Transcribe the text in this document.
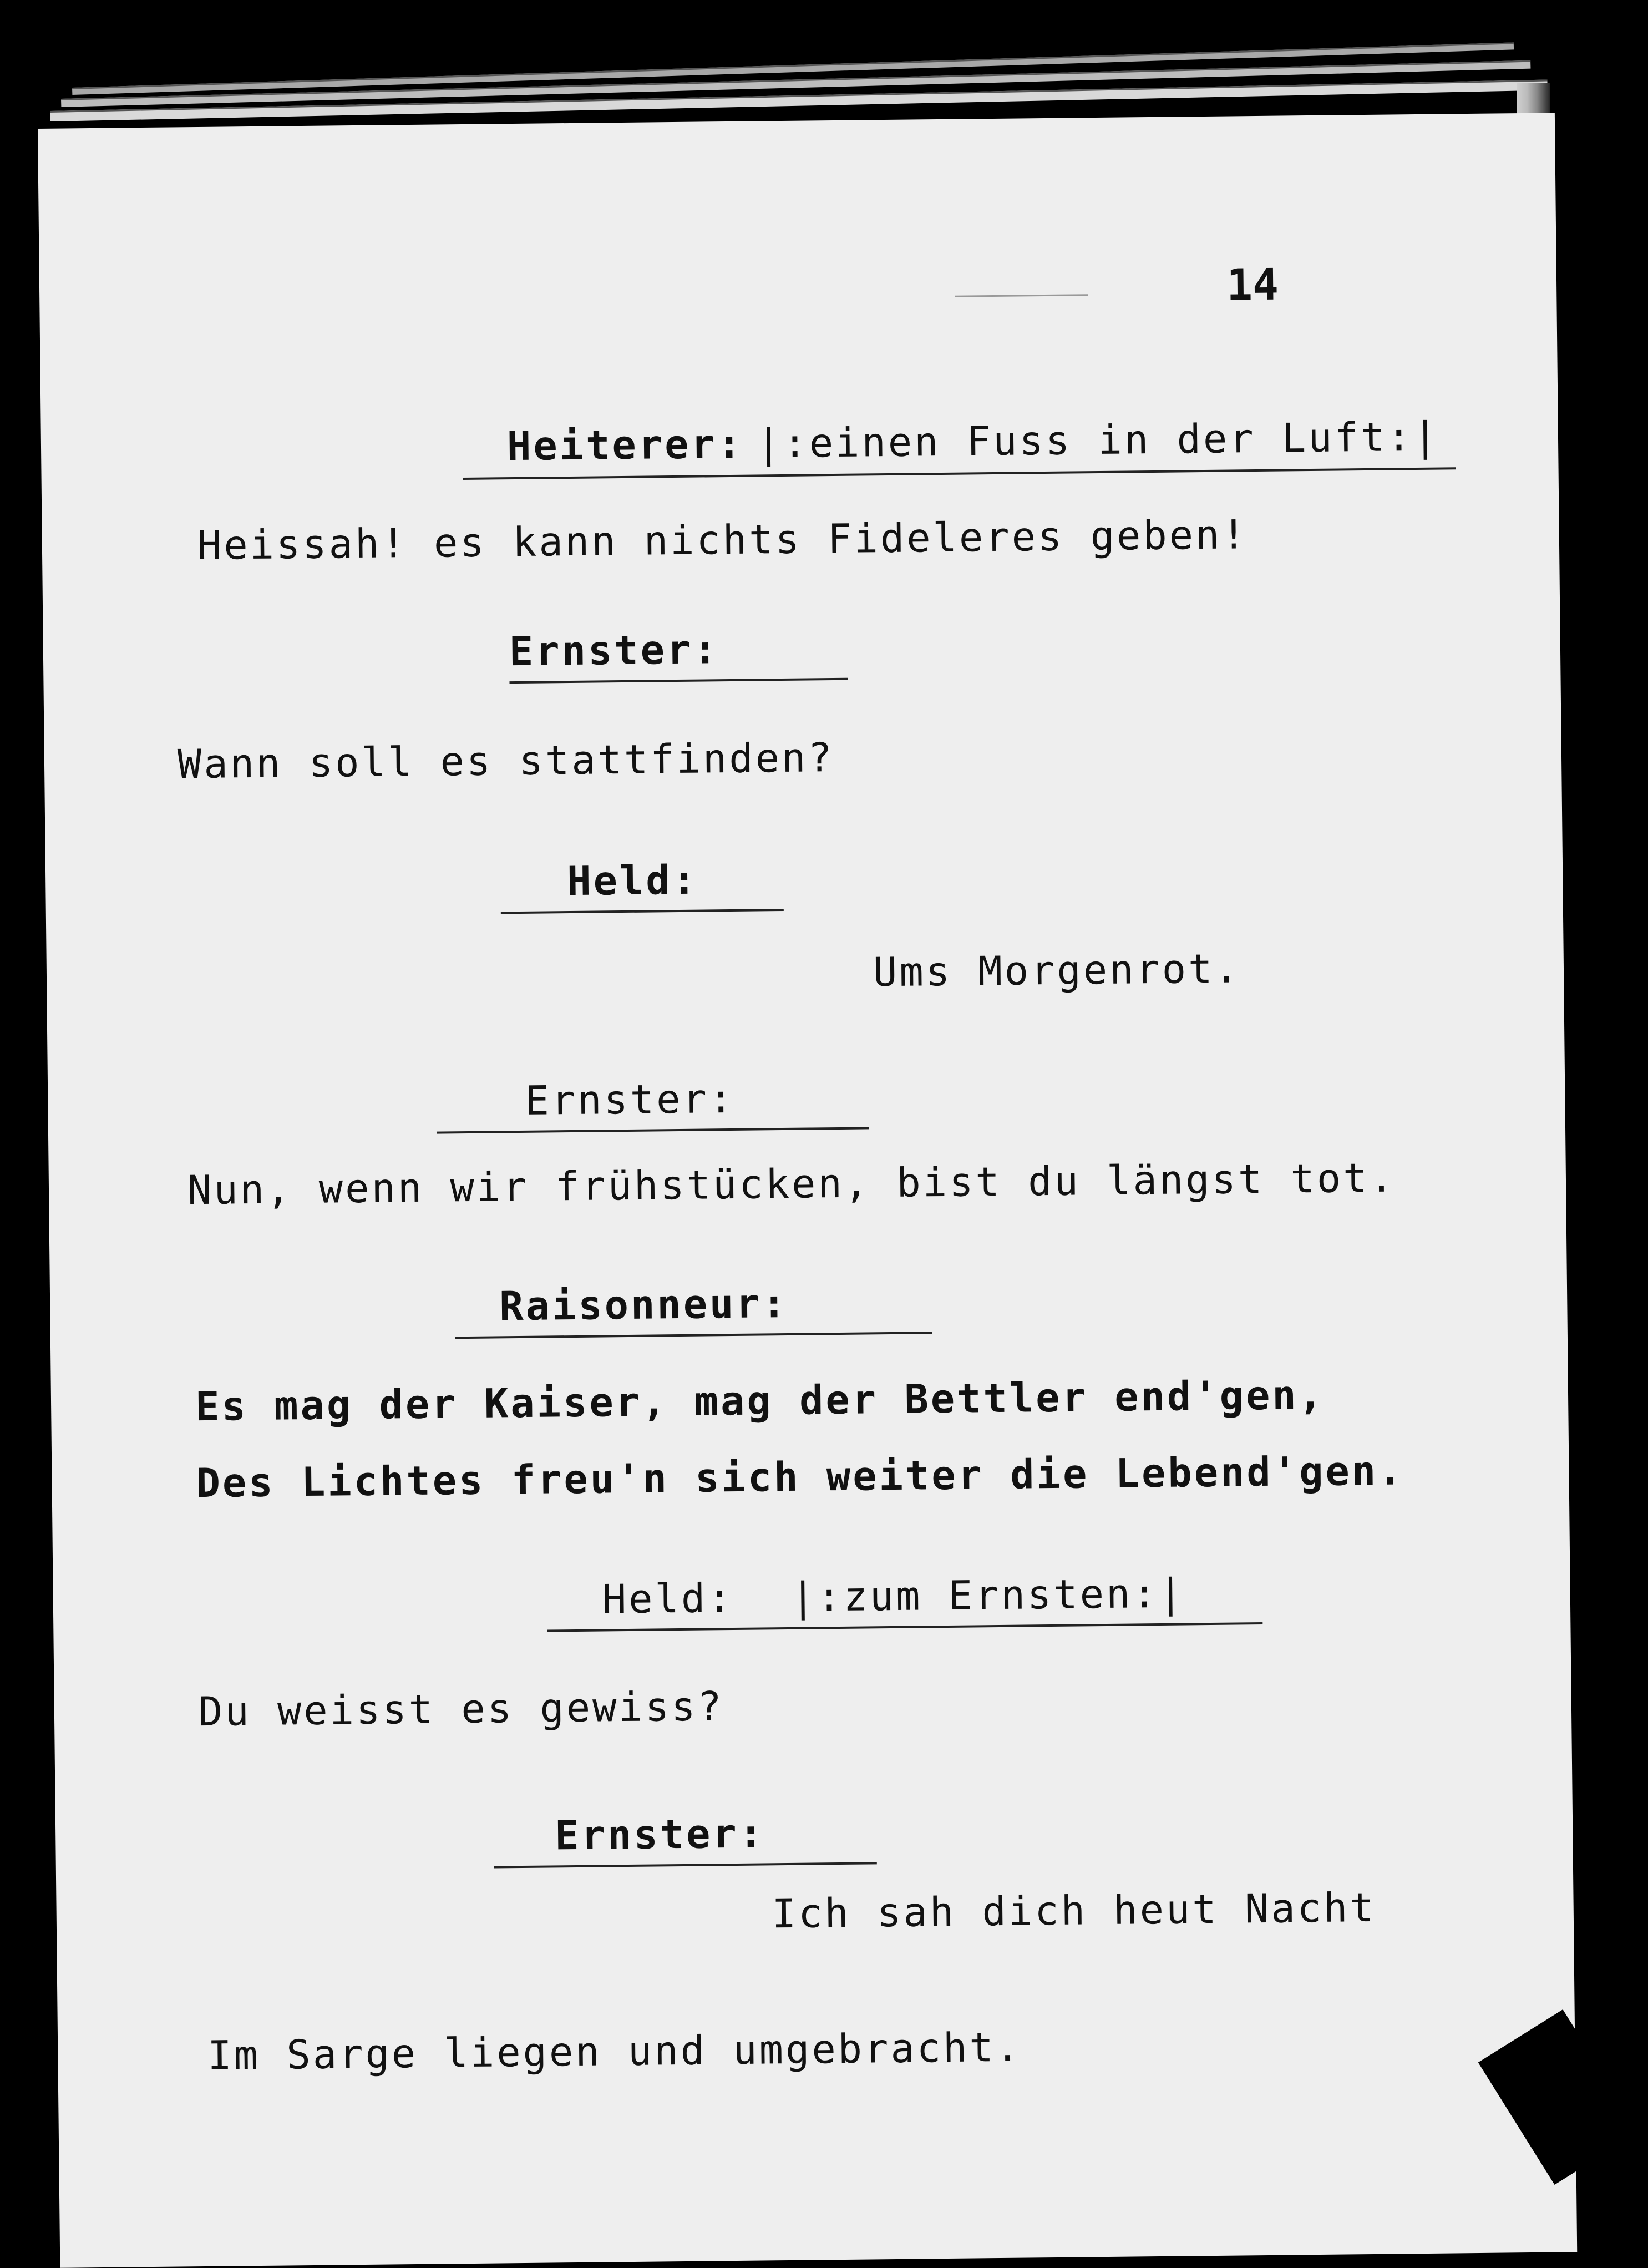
14
Heiterer: |:einen Fuss in der Luft:|
Heissah! es kann nichts Fideleres geben!
Ernster:
Wann soll es stattfinden?
Held:
Ums Morgenrot.
Ernster:
Nun, wenn wir frühstücken, bist du längst tot.
Raisonneur:
Es mag der Kaiser, mag der Bettler end'gen,
Des Lichtes freu'n sich weiter die Lebend'gen.
Held: |:zum Ernsten:|
Du weisst es gewiss?
Ernster:
Ich sah dich heut Nacht
Im Sarge liegen und umgebracht.
